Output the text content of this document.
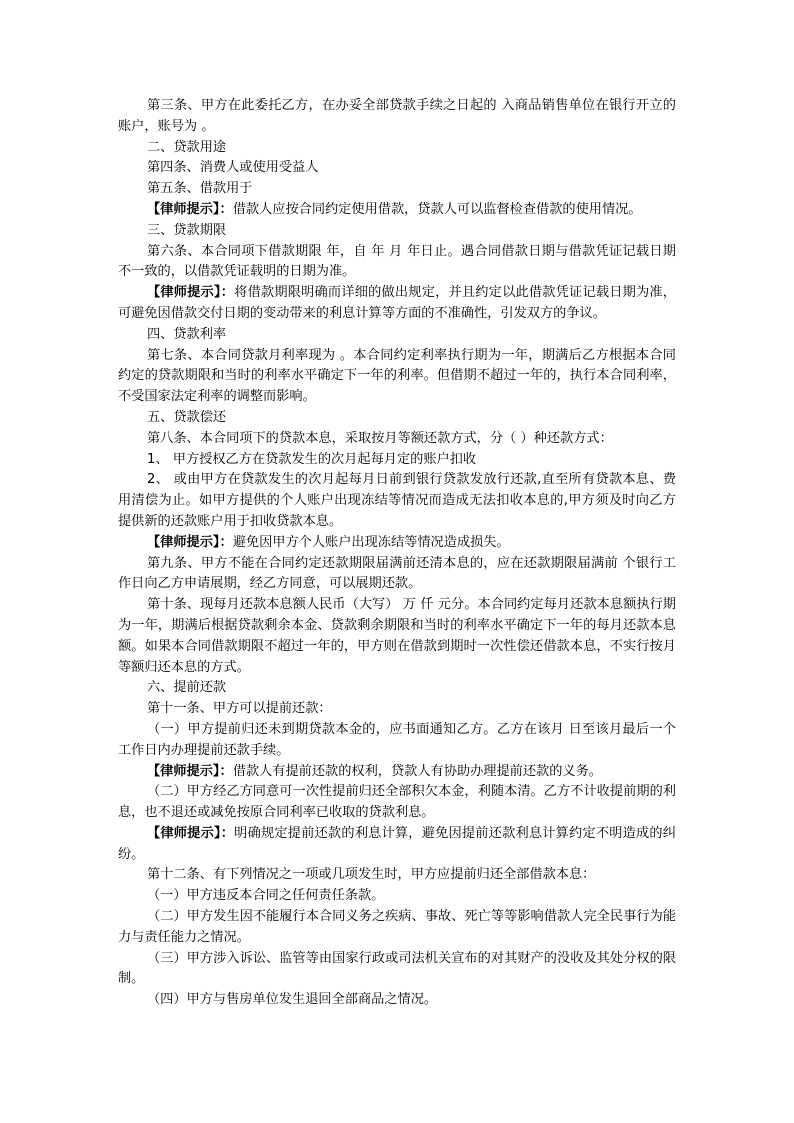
第三条、甲方在此委托乙方，在办妥全部贷款手续之日起的 入商品销售单位在银行开立的账户，账号为 。

二、贷款用途

第四条、消费人或使用受益人

第五条、借款用于

【律师提示】：借款人应按合同约定使用借款，贷款人可以监督检查借款的使用情况。

三、贷款期限

第六条、本合同项下借款期限 年，自 年 月 年日止。遇合同借款日期与借款凭证记载日期不一致的，以借款凭证载明的日期为准。

【律师提示】：将借款期限明确而详细的做出规定，并且约定以此借款凭证记载日期为准，可避免因借款交付日期的变动带来的利息计算等方面的不准确性，引发双方的争议。

四、贷款利率

第七条、本合同贷款月利率现为 。本合同约定利率执行期为一年，期满后乙方根据本合同约定的贷款期限和当时的利率水平确定下一年的利率。但借期不超过一年的，执行本合同利率，不受国家法定利率的调整而影响。

五、贷款偿还

第八条、本合同项下的贷款本息，采取按月等额还款方式，分（ ）种还款方式：

1、 甲方授权乙方在贷款发生的次月起每月定的账户扣收

2、 或由甲方在贷款发生的次月起每月日前到银行贷款发放行还款,直至所有贷款本息、费用清偿为止。如甲方提供的个人账户出现冻结等情况而造成无法扣收本息的,甲方须及时向乙方提供新的还款账户用于扣收贷款本息。

【律师提示】：避免因甲方个人账户出现冻结等情况造成损失。

第九条、甲方不能在合同约定还款期限届满前还清本息的，应在还款期限届满前 个银行工作日向乙方申请展期，经乙方同意，可以展期还款。

第十条、现每月还款本息额人民币（大写） 万 仟 元分。本合同约定每月还款本息额执行期为一年，期满后根据贷款剩余本金、贷款剩余期限和当时的利率水平确定下一年的每月还款本息额。如果本合同借款期限不超过一年的，甲方则在借款到期时一次性偿还借款本息，不实行按月等额归还本息的方式。

六、提前还款

第十一条、甲方可以提前还款：

（一）甲方提前归还未到期贷款本金的，应书面通知乙方。乙方在该月 日至该月最后一个工作日内办理提前还款手续。

【律师提示】：借款人有提前还款的权利，贷款人有协助办理提前还款的义务。

（二）甲方经乙方同意可一次性提前归还全部积欠本金，利随本清。乙方不计收提前期的利息，也不退还或减免按原合同利率已收取的贷款利息。

【律师提示】：明确规定提前还款的利息计算，避免因提前还款利息计算约定不明造成的纠纷。

第十二条、有下列情况之一项或几项发生时，甲方应提前归还全部借款本息：

（一）甲方违反本合同之任何责任条款。

（二）甲方发生因不能履行本合同义务之疾病、事故、死亡等等影响借款人完全民事行为能力与责任能力之情况。

（三）甲方涉入诉讼、监管等由国家行政或司法机关宣布的对其财产的没收及其处分权的限制。

（四）甲方与售房单位发生退回全部商品之情况。
